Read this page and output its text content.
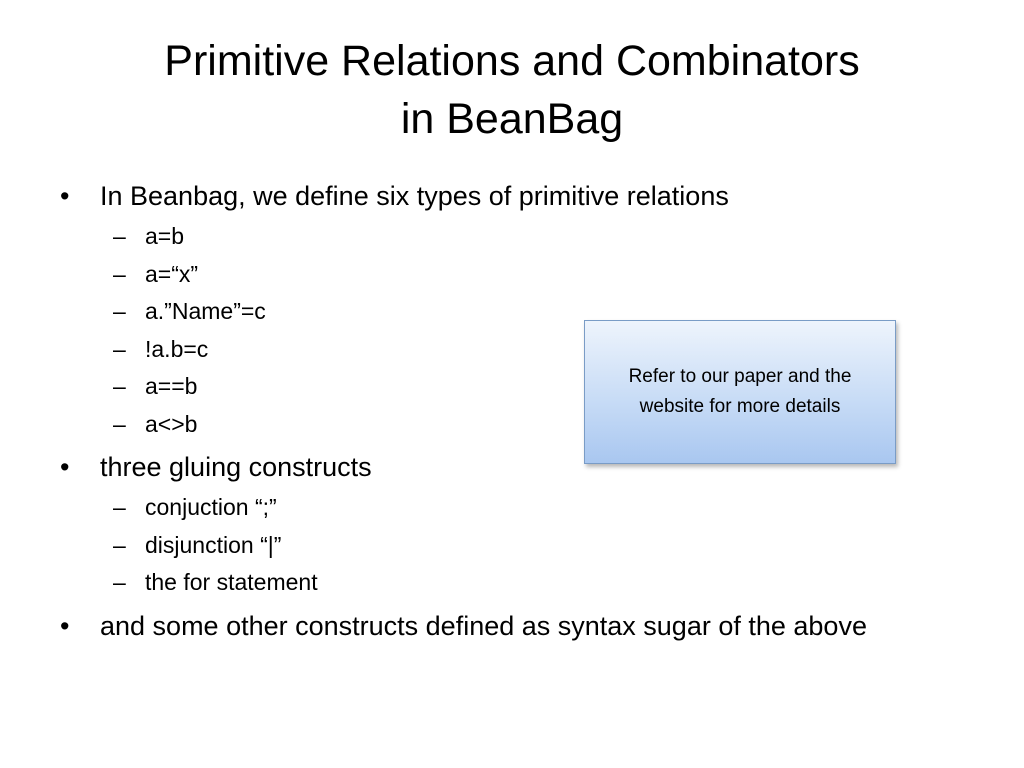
Primitive Relations and Combinators
in BeanBag
•	In Beanbag, we define six types of primitive relations
– a=b
– a=“x”
– a.”Name”=c
– !a.b=c
– a==b
– a<>b
•	three gluing constructs
– conjuction “;”
– disjunction “|”
– the for statement
•	and some other constructs defined as syntax sugar of the above
Refer to our paper and the website for more details
